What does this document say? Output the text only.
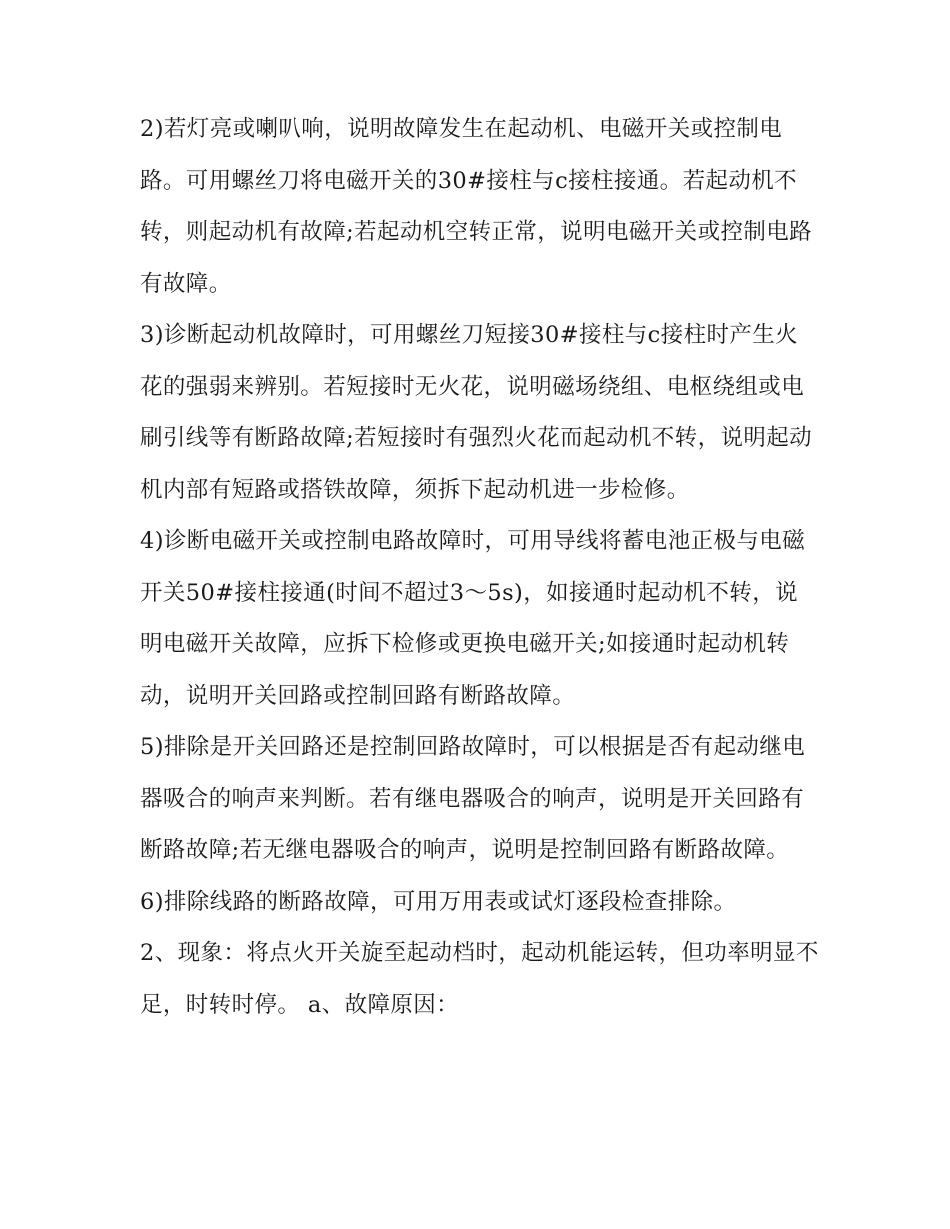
2)若灯亮或喇叭响，说明故障发生在起动机、电磁开关或控制电路。可用螺丝刀将电磁开关的30#接柱与c接柱接通。若起动机不转，则起动机有故障;若起动机空转正常，说明电磁开关或控制电路有故障。

3)诊断起动机故障时，可用螺丝刀短接30#接柱与c接柱时产生火花的强弱来辨别。若短接时无火花，说明磁场绕组、电枢绕组或电刷引线等有断路故障;若短接时有强烈火花而起动机不转，说明起动机内部有短路或搭铁故障，须拆下起动机进一步检修。

4)诊断电磁开关或控制电路故障时，可用导线将蓄电池正极与电磁开关50#接柱接通(时间不超过3～5s)，如接通时起动机不转，说明电磁开关故障，应拆下检修或更换电磁开关;如接通时起动机转动，说明开关回路或控制回路有断路故障。

5)排除是开关回路还是控制回路故障时，可以根据是否有起动继电器吸合的响声来判断。若有继电器吸合的响声，说明是开关回路有断路故障;若无继电器吸合的响声，说明是控制回路有断路故障。

6)排除线路的断路故障，可用万用表或试灯逐段检查排除。

2、现象：将点火开关旋至起动档时，起动机能运转，但功率明显不足，时转时停。 a、故障原因：
